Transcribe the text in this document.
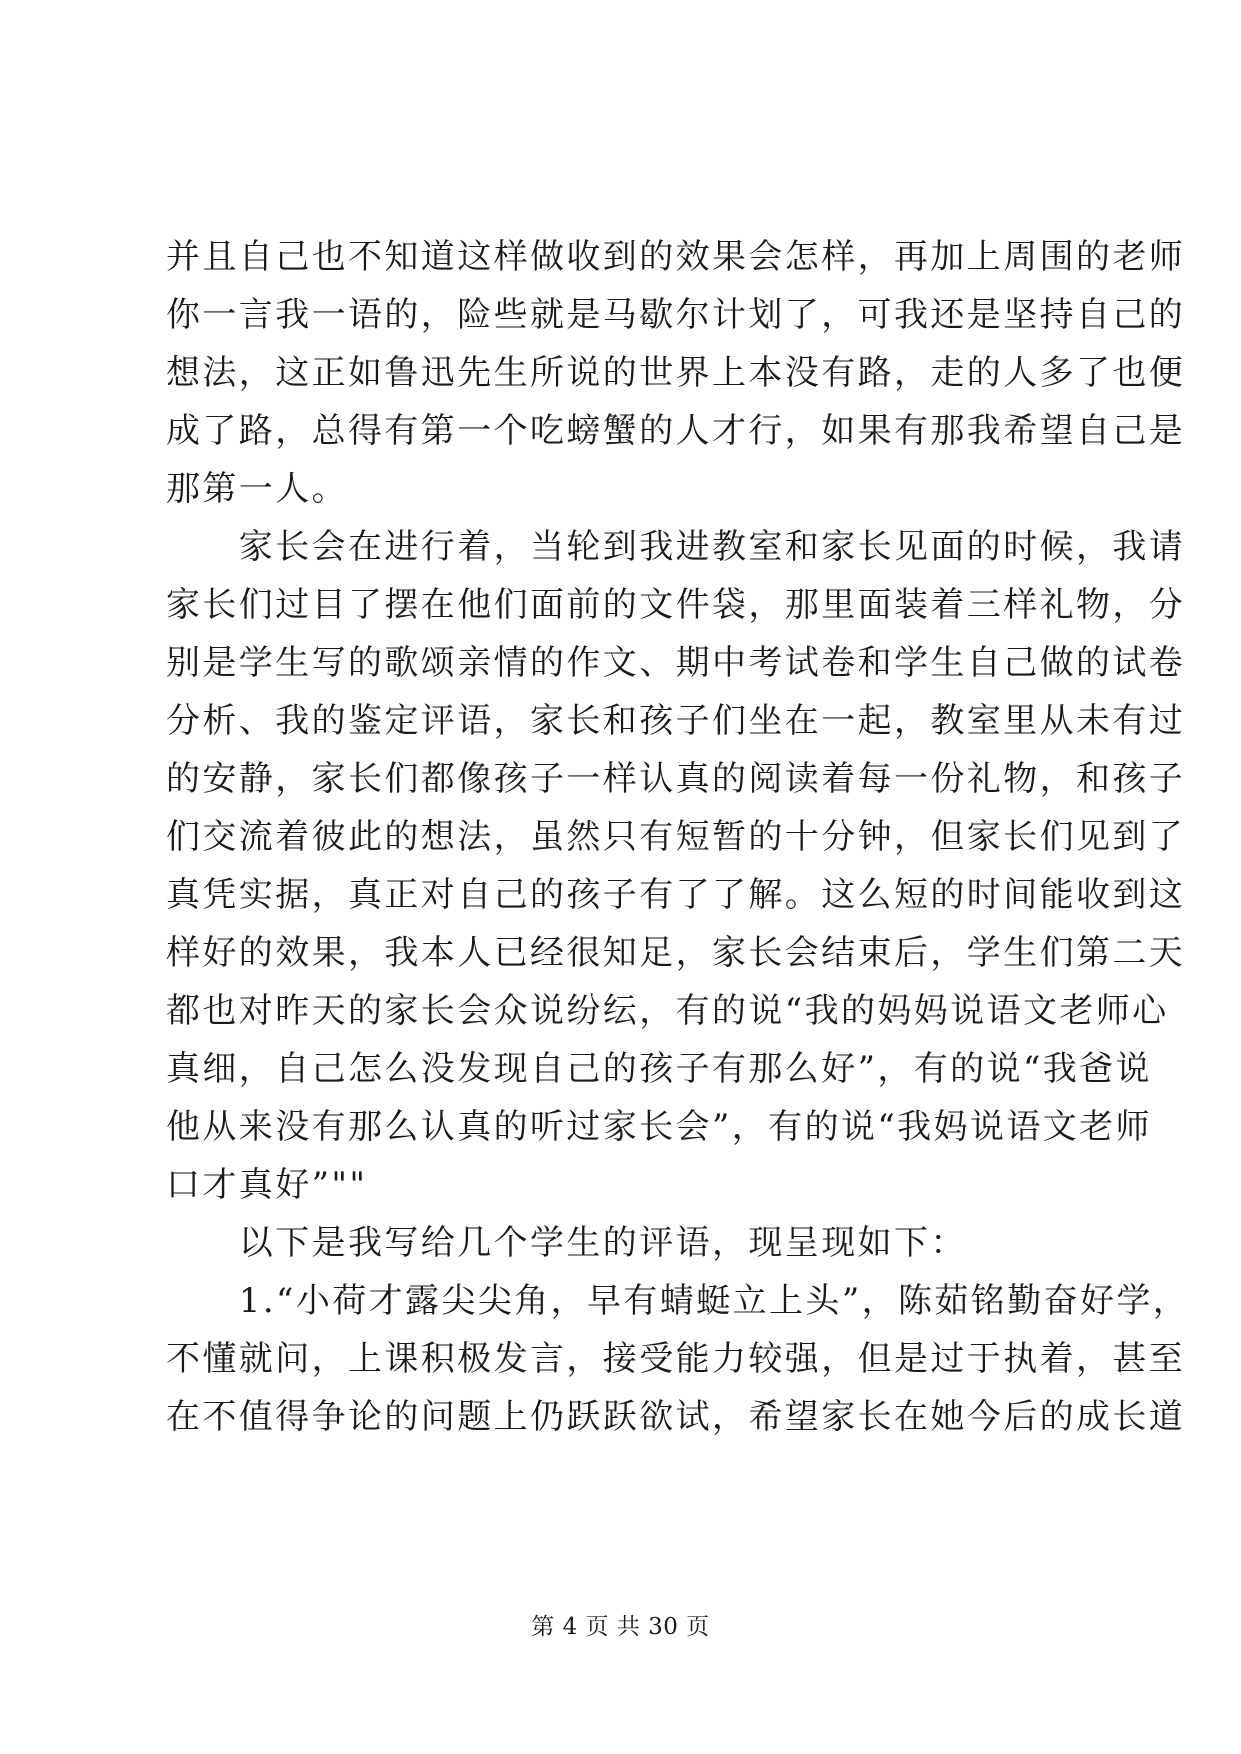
并且自己也不知道这样做收到的效果会怎样，再加上周围的老师
你一言我一语的，险些就是马歇尔计划了，可我还是坚持自己的
想法，这正如鲁迅先生所说的世界上本没有路，走的人多了也便
成了路，总得有第一个吃螃蟹的人才行，如果有那我希望自己是
那第一人。
　　家长会在进行着，当轮到我进教室和家长见面的时候，我请
家长们过目了摆在他们面前的文件袋，那里面装着三样礼物，分
别是学生写的歌颂亲情的作文、期中考试卷和学生自己做的试卷
分析、我的鉴定评语，家长和孩子们坐在一起，教室里从未有过
的安静，家长们都像孩子一样认真的阅读着每一份礼物，和孩子
们交流着彼此的想法，虽然只有短暂的十分钟，但家长们见到了
真凭实据，真正对自己的孩子有了了解。这么短的时间能收到这
样好的效果，我本人已经很知足，家长会结束后，学生们第二天
都也对昨天的家长会众说纷纭，有的说“我的妈妈说语文老师心
真细，自己怎么没发现自己的孩子有那么好”，有的说“我爸说
他从来没有那么认真的听过家长会”，有的说“我妈说语文老师
口才真好”""
　　以下是我写给几个学生的评语，现呈现如下：
　　1.“小荷才露尖尖角，早有蜻蜓立上头”，陈茹铭勤奋好学，
不懂就问，上课积极发言，接受能力较强，但是过于执着，甚至
在不值得争论的问题上仍跃跃欲试，希望家长在她今后的成长道
第 4 页 共 30 页
